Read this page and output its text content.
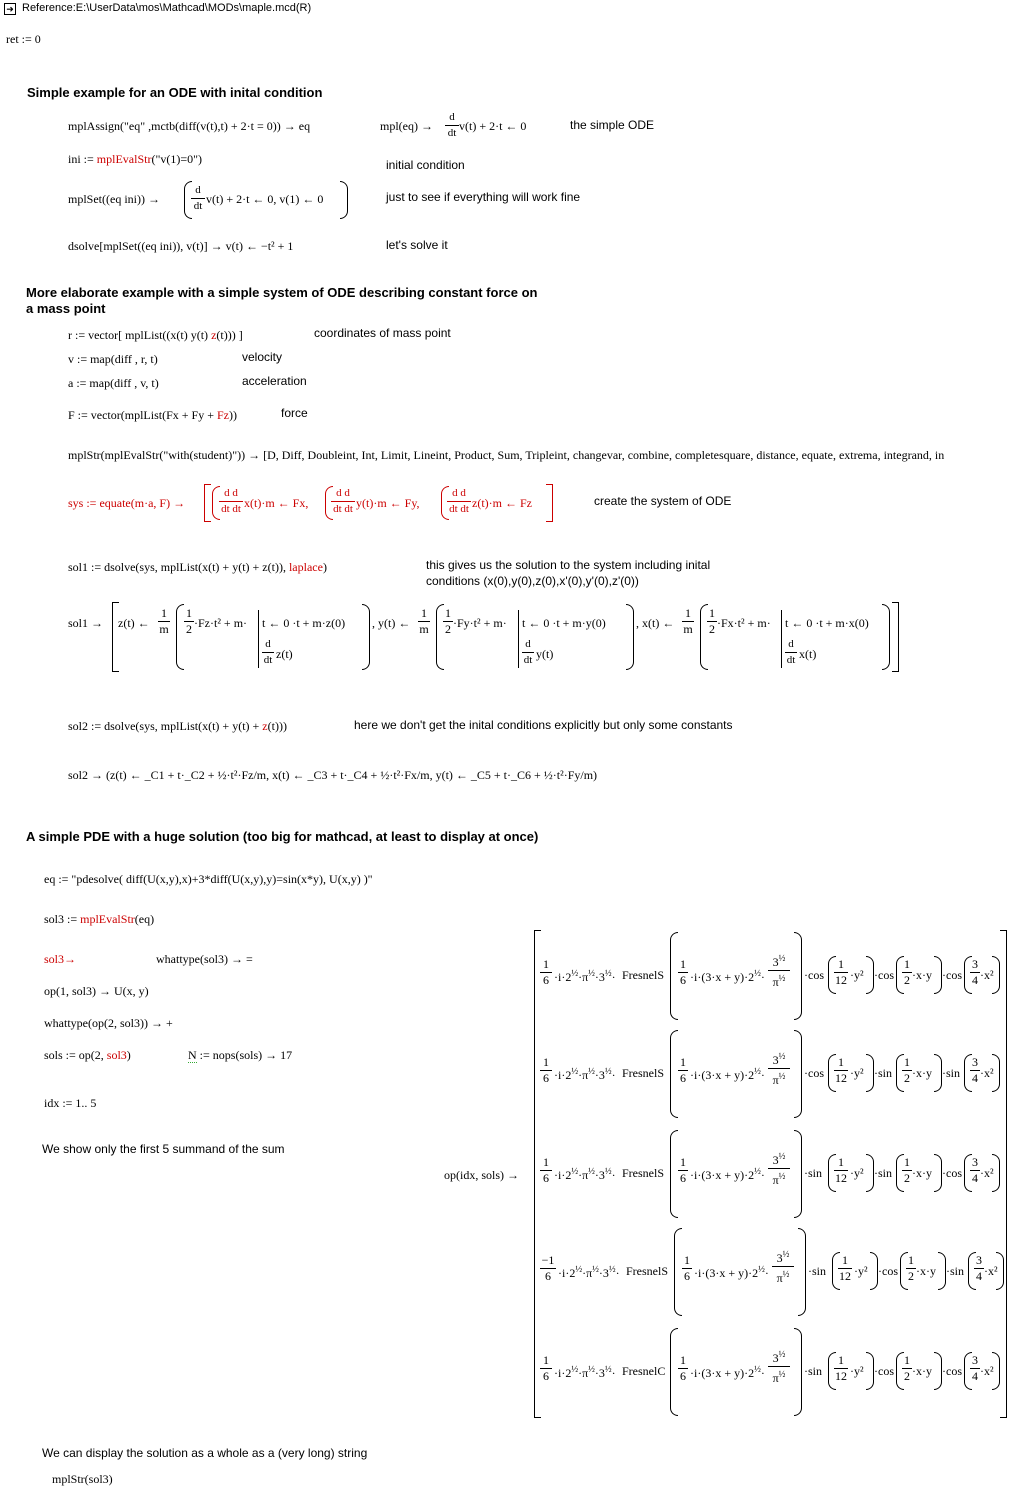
➜ Reference:E:\UserData\mos\Mathcad\MODs\maple.mcd(R)
ret := 0
Simple example for an ODE with inital condition
mplAssign("eq" ,mctb(diff(v(t),t) + 2·t = 0)) → eq	mpl(eq) →
d
dt v(t) + 2·t ← 0	the simple ODE
ini := mplEvalStr("v(1)=0")	initial condition
mplSet((eq ini)) →
d
dt v(t) + 2·t ← 0, v(1) ← 0	just to see if everything will work fine
dsolve[mplSet((eq ini)), v(t)] → v(t) ← −t² + 1	let's solve it
More elaborate example with a simple system of ODE describing constant force on
a mass point
r := vector[ mplList((x(t) y(t) z(t))) ]	coordinates of mass point
v := map(diff , r, t)	velocity
a := map(diff , v, t)	acceleration
F := vector(mplList(Fx + Fy + Fz))	force
mplStr(mplEvalStr("with(student)")) → [D, Diff, Doubleint, Int, Limit, Lineint, Product, Sum, Tripleint, changevar, combine, completesquare, distance, equate, extrema, integrand, in
sys := equate(m·a, F) →
d d
dt dt x(t)·m ← Fx,
d d
dt dt y(t)·m ← Fy,
d d
dt dt z(t)·m ← Fz	create the system of ODE
sol1 := dsolve(sys, mplList(x(t) + y(t) + z(t)), laplace)	this gives us the solution to the system including inital
conditions (x(0),y(0),z(0),x'(0),y'(0),z'(0))
sol1 → z(t) ←
1
m
1
2 ·Fz·t² + m· t ← 0 ·t + m·z(0)
d
dt z(t)
, y(t) ←
1
m
1
2 ·Fy·t² + m· t ← 0 ·t + m·y(0)
d
dt y(t)
, x(t) ←
1
m
1
2 ·Fx·t² + m· t ← 0 ·t + m·x(0)
d
dt x(t)
sol2 := dsolve(sys, mplList(x(t) + y(t) + z(t)))	here we don't get the inital conditions explicitly but only some constants
sol2 → (z(t) ← _C1 + t·_C2 + ½·t²·Fz/m, x(t) ← _C3 + t·_C4 + ½·t²·Fx/m, y(t) ← _C5 + t·_C6 + ½·t²·Fy/m)
A simple PDE with a huge solution (too big for mathcad, at least to display at once)
eq := "pdesolve( diff(U(x,y),x)+3*diff(U(x,y),y)=sin(x*y), U(x,y) )"
sol3 := mplEvalStr(eq)
sol3→	whattype(sol3) → =
op(1, sol3) → U(x, y)
whattype(op(2, sol3)) → +
sols := op(2, sol3)	N := nops(sols) → 17
idx := 1.. 5
We show only the first 5 summand of the sum
op(idx, sols) →
1
$6 \cdot i\cdot 2^{\frac{1}{2}}\cdot\pi^{\frac{1}{2}}\cdot 3^{\frac{1}{2}}\cdot$ FresnelS
1
$6 \cdot i\cdot(3\cdot x + y)\cdot 2^{\frac{1}{2}}\cdot$
$3^{\frac{1}{2}}$
$\pi^{\frac{1}{2}}$	·cos
1
12 ·y² ·cos
1
2 ·x·y ·cos
3
4 ·x²
1
$6 \cdot i\cdot 2^{\frac{1}{2}}\cdot\pi^{\frac{1}{2}}\cdot 3^{\frac{1}{2}}\cdot$ FresnelS
1
$6 \cdot i\cdot(3\cdot x + y)\cdot 2^{\frac{1}{2}}\cdot$
$3^{\frac{1}{2}}$
$\pi^{\frac{1}{2}}$	·cos
1
12 ·y² ·sin
1
2 ·x·y ·sin
3
4 ·x²
1
$6 \cdot i\cdot 2^{\frac{1}{2}}\cdot\pi^{\frac{1}{2}}\cdot 3^{\frac{1}{2}}\cdot$ FresnelS
1
$6 \cdot i\cdot(3\cdot x + y)\cdot 2^{\frac{1}{2}}\cdot$
$3^{\frac{1}{2}}$
$\pi^{\frac{1}{2}}$	·sin
1
12 ·y² ·sin
1
2 ·x·y ·cos
3
4 ·x²
−1
$6 \cdot i\cdot 2^{\frac{1}{2}}\cdot\pi^{\frac{1}{2}}\cdot 3^{\frac{1}{2}}\cdot$ FresnelS
1
$6 \cdot i\cdot(3\cdot x + y)\cdot 2^{\frac{1}{2}}\cdot$
$3^{\frac{1}{2}}$
$\pi^{\frac{1}{2}}$	·sin
1
12 ·y² ·cos
1
2 ·x·y ·sin
3
4 ·x²
1
$6 \cdot i\cdot 2^{\frac{1}{2}}\cdot\pi^{\frac{1}{2}}\cdot 3^{\frac{1}{2}}\cdot$ FresnelC
1
$6 \cdot i\cdot(3\cdot x + y)\cdot 2^{\frac{1}{2}}\cdot$
$3^{\frac{1}{2}}$
$\pi^{\frac{1}{2}}$	·sin
1
12 ·y² ·cos
1
2 ·x·y ·cos
3
4 ·x²
We can display the solution as a whole as a (very long) string
mplStr(sol3)
